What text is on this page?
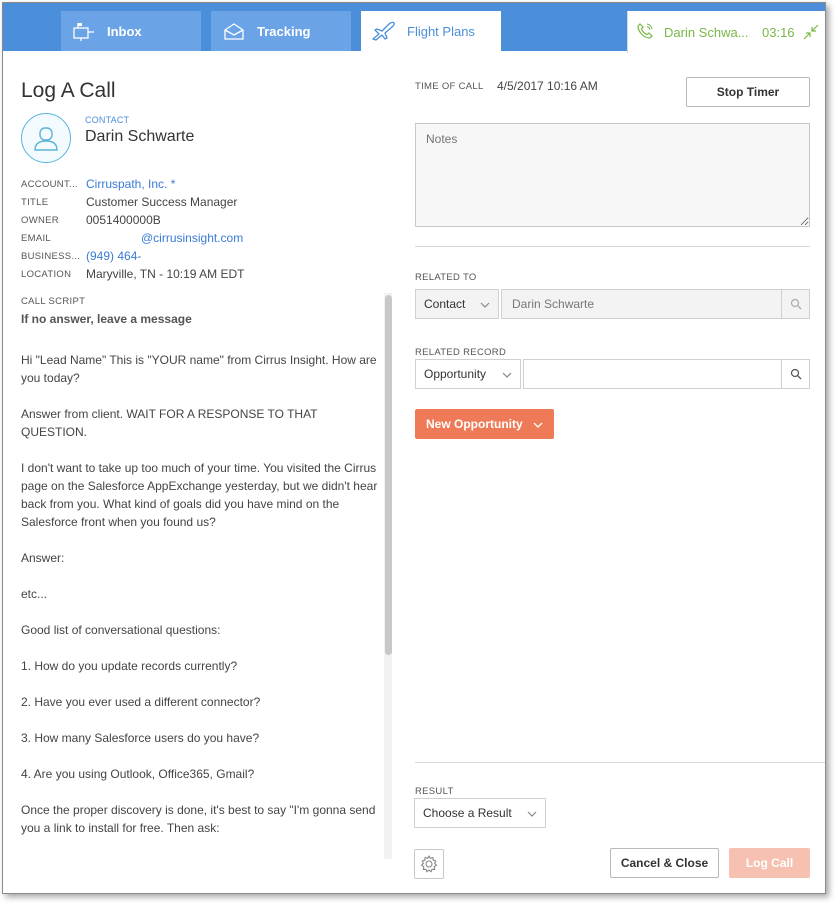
Inbox	Tracking	Flight Plans	Darin Schwa...	03:16
Log A Call
CONTACT
Darin Schwarte
ACCOUNT... Cirruspath, Inc. *
TITLE	Customer Success Manager
OWNER	0051400000B
EMAIL	@cirrusinsight.com
BUSINESS... (949) 464-
LOCATION	Maryville, TN - 10:19 AM EDT
CALL SCRIPT
If no answer, leave a message

Hi "Lead Name" This is "YOUR name" from Cirrus Insight. How are you today?

Answer from client. WAIT FOR A RESPONSE TO THAT QUESTION.

I don't want to take up too much of your time. You visited the Cirrus page on the Salesforce AppExchange yesterday, but we didn't hear back from you. What kind of goals did you have mind on the Salesforce front when you found us?

Answer:

etc...

Good list of conversational questions:

1. How do you update records currently?

2. Have you ever used a different connector?

3. How many Salesforce users do you have?

4. Are you using Outlook, Office365, Gmail?

Once the proper discovery is done, it's best to say "I'm gonna send you a link to install for free. Then ask:

TIME OF CALL 4/5/2017 10:16 AM	Stop Timer
Notes
RELATED TO
Contact	Darin Schwarte
RELATED RECORD
Opportunity
New Opportunity
RESULT
Choose a Result
Cancel & Close	Log Call
